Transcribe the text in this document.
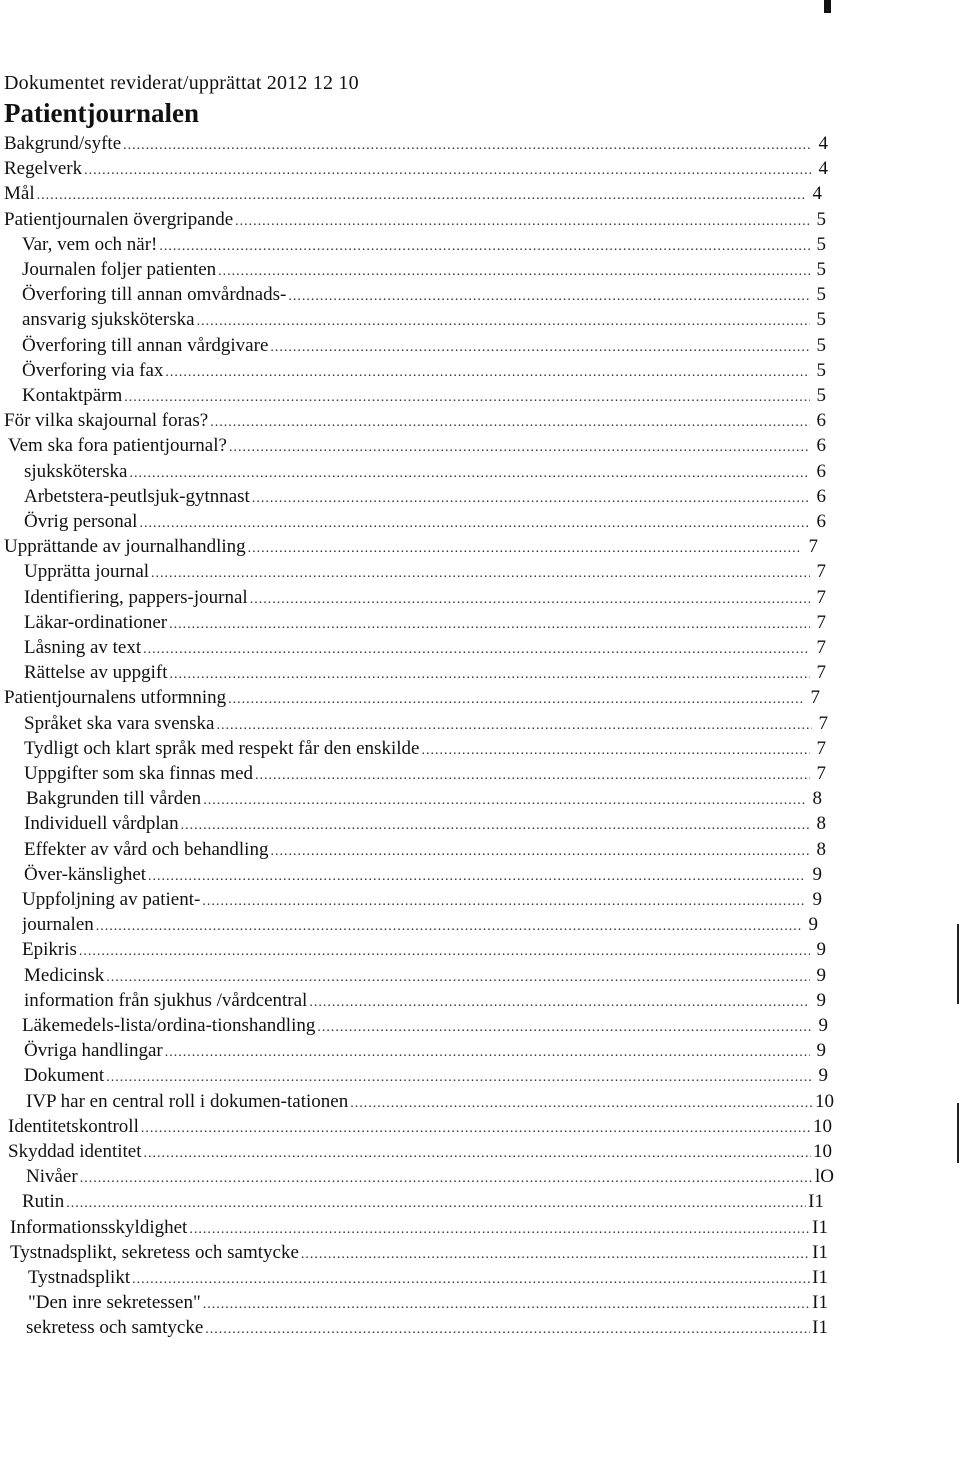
Dokumentet reviderat/upprättat 2012 12 10
Patientjournalen
Bakgrund/syfte .....	4
Regelverk .....	4
Mål .....	4
Patientjournalen övergripande .....	5
Var, vem och när! .....	5
Journalen foljer patienten .....	5
Överforing till annan omvårdnads- .....	5
ansvarig sjuksköterska .....	5
Överforing till annan vårdgivare .....	5
Överforing via fax .....	5
Kontaktpärm .....	5
För vilka skajournal foras? .....	6
Vem ska fora patientjournal? .....	6
sjuksköterska .....	6
Arbetstera-peutlsjuk-gytnnast .....	6
Övrig personal .....	6
Upprättande av journalhandling .....	7
Upprätta journal .....	7
Identifiering, pappers-journal .....	7
Läkar-ordinationer .....	7
Låsning av text .....	7
Rättelse av uppgift .....	7
Patientjournalens utformning .....	7
Språket ska vara svenska .....	7
Tydligt och klart språk med respekt får den enskilde .....	7
Uppgifter som ska finnas med .....	7
Bakgrunden till vården .....	8
Individuell vårdplan .....	8
Effekter av vård och behandling .....	8
Över-känslighet .....	9
Uppfoljning av patient- .....	9
journalen .....	9
Epikris .....	9
Medicinsk .....	9
information från sjukhus /vårdcentral .....	9
Läkemedels-lista/ordina-tionshandling .....	9
Övriga handlingar .....	9
Dokument .....	9
IVP har en central roll i dokumen-tationen .....	10
Identitetskontroll .....	10
Skyddad identitet .....	10
Nivåer .....	lO
Rutin .....	I1
Informationsskyldighet .....	I1
Tystnadsplikt, sekretess och samtycke .....	I1
Tystnadsplikt .....	I1
"Den inre sekretessen" .....	I1
sekretess och samtycke .....	I1
